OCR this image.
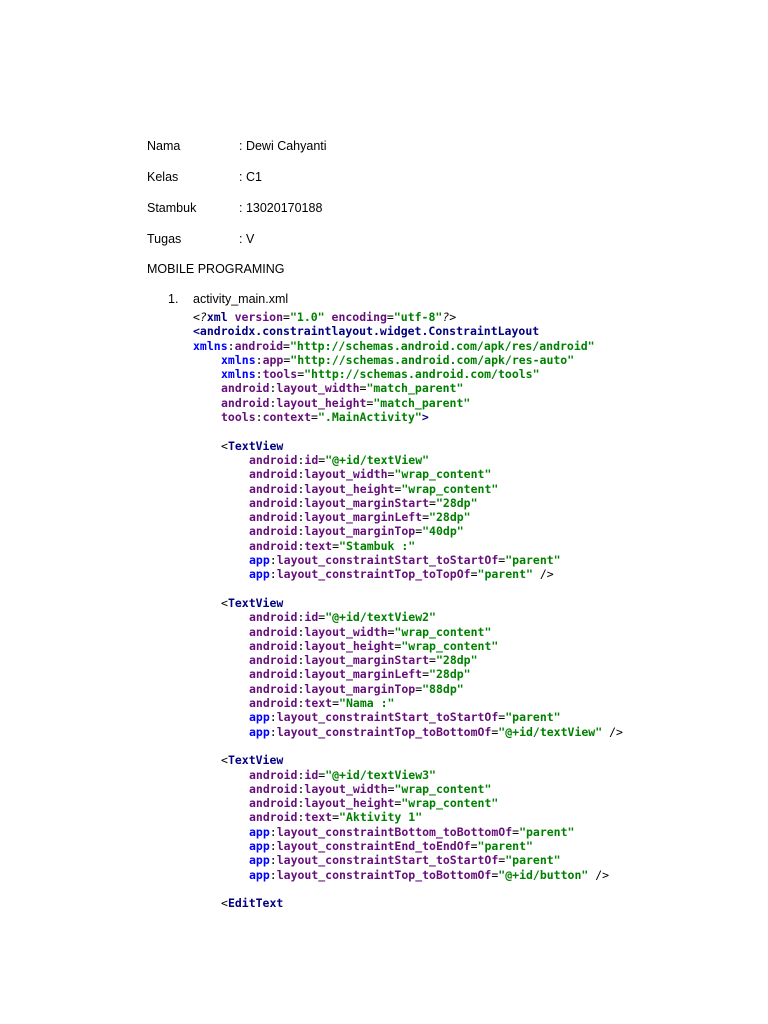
Nama	: Dewi Cahyanti
Kelas	: C1
Stambuk	: 13020170188
Tugas	: V
MOBILE PROGRAMING
1. activity_main.xml
<?xml version="1.0" encoding="utf-8"?>
<androidx.constraintlayout.widget.ConstraintLayout
xmlns:android="http://schemas.android.com/apk/res/android"
xmlns:app="http://schemas.android.com/apk/res-auto"
xmlns:tools="http://schemas.android.com/tools"
android:layout_width="match_parent"
android:layout_height="match_parent"
tools:context=".MainActivity">

<TextView
android:id="@+id/textView"
android:layout_width="wrap_content"
android:layout_height="wrap_content"
android:layout_marginStart="28dp"
android:layout_marginLeft="28dp"
android:layout_marginTop="40dp"
android:text="Stambuk :"
app:layout_constraintStart_toStartOf="parent"
app:layout_constraintTop_toTopOf="parent" />

<TextView
android:id="@+id/textView2"
android:layout_width="wrap_content"
android:layout_height="wrap_content"
android:layout_marginStart="28dp"
android:layout_marginLeft="28dp"
android:layout_marginTop="88dp"
android:text="Nama :"
app:layout_constraintStart_toStartOf="parent"
app:layout_constraintTop_toBottomOf="@+id/textView" />

<TextView
android:id="@+id/textView3"
android:layout_width="wrap_content"
android:layout_height="wrap_content"
android:text="Aktivity 1"
app:layout_constraintBottom_toBottomOf="parent"
app:layout_constraintEnd_toEndOf="parent"
app:layout_constraintStart_toStartOf="parent"
app:layout_constraintTop_toBottomOf="@+id/button" />

<EditText
